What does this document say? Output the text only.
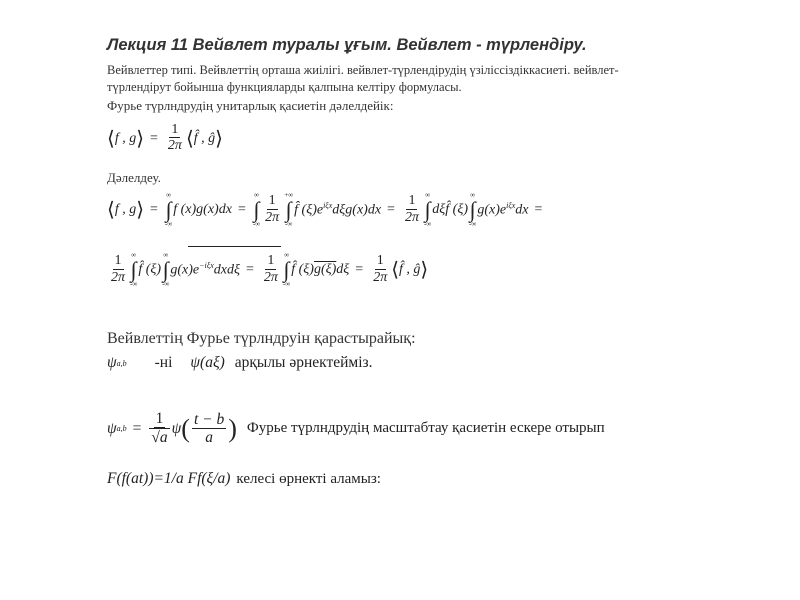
Лекция 11 Вейвлет туралы ұғым. Вейвлет - түрлендіру.
Вейвлеттер типі. Вейвлеттің орташа жиілігі. вейвлет-түрлендірудің үзіліссіздіккасиеті. вейвлет-
түрлендірут бойынша функцияларды қалпына келтіру формуласы.
Фурье түрлндрудің унитарлық қасиетін дәлелдейік:
⟨ f , g ⟩ = $\frac{1}{2\pi}$ ⟨ f̂ , ĝ ⟩
Дәлелдеу.
⟨ f , g ⟩ =
∞
∫
-∞
f (x)g(x)dx =
∞
∫
-∞ $\frac{1}{2\pi}$ +∞
∫
-∞
f̂ $(\xi)e^{i\xi x}d\xi g(x)dx = \frac{1}{2\pi}$ ∞
∫
-∞
dξf̂ (ξ)
∞
∫
-∞
$g(x)e^{i\xi x}dx$ =
$\frac{1}{2\pi}$ ∞
∫
-∞
f̂ (ξ)
∞
∫
-∞
$g(x)e^{-i\xi x}dxd\xi = \frac{1}{2\pi}$ ∞
∫
-∞
f̂ $(\xi)g(\xi)d\xi = \frac{1}{2\pi}$ ⟨ f̂ , ĝ ⟩
Вейвлеттің Фурье түрлндруін қарастырайық:
ψ a,b -ні ψ(aξ) арқылы әрнектейміз.
ψ $a,b = \frac{1}{√a}$ ψ ( $\frac{t - b}{a}$ ) Фурье түрлндрудің масштабтау қасиетін ескере отырып
F(f(at))=1/a Ff(ξ/a) келесі өрнекті аламыз:
